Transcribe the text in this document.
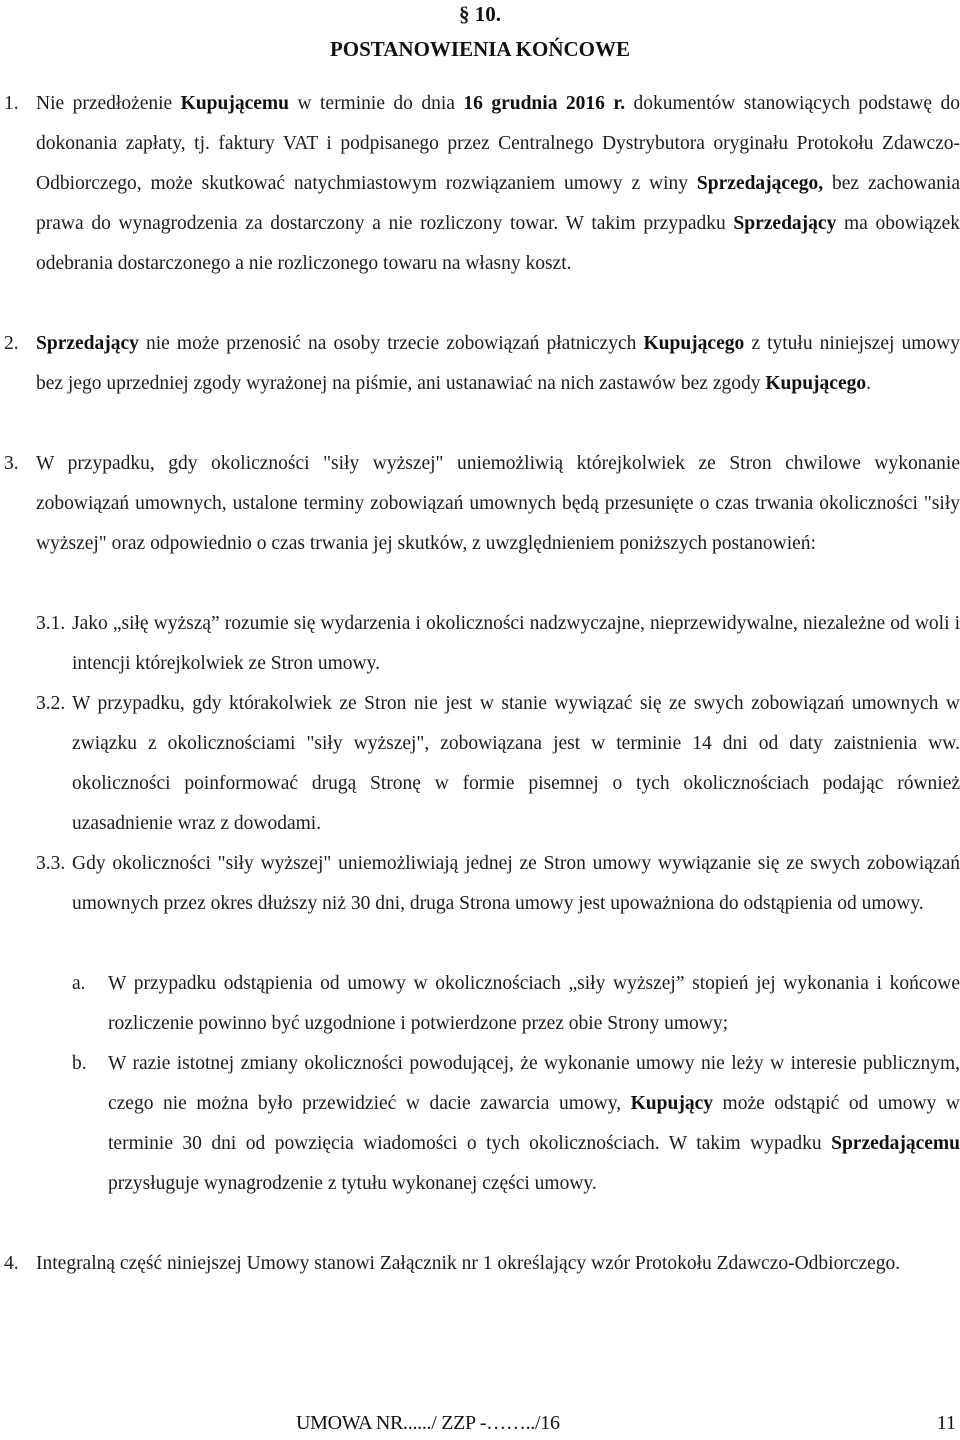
§ 10.
POSTANOWIENIA KOŃCOWE
1. Nie przedłożenie Kupującemu w terminie do dnia 16 grudnia 2016 r. dokumentów stanowiących podstawę do dokonania zapłaty, tj. faktury VAT i podpisanego przez Centralnego Dystrybutora oryginału Protokołu Zdawczo-Odbiorczego, może skutkować natychmiastowym rozwiązaniem umowy z winy Sprzedającego, bez zachowania prawa do wynagrodzenia za dostarczony a nie rozliczony towar. W takim przypadku Sprzedający ma obowiązek odebrania dostarczonego a nie rozliczonego towaru na własny koszt.
2. Sprzedający nie może przenosić na osoby trzecie zobowiązań płatniczych Kupującego z tytułu niniejszej umowy bez jego uprzedniej zgody wyrażonej na piśmie, ani ustanawiać na nich zastawów bez zgody Kupującego.
3. W przypadku, gdy okoliczności "siły wyższej" uniemożliwią którejkolwiek ze Stron chwilowe wykonanie zobowiązań umownych, ustalone terminy zobowiązań umownych będą przesunięte o czas trwania okoliczności "siły wyższej" oraz odpowiednio o czas trwania jej skutków, z uwzględnieniem poniższych postanowień:
3.1. Jako „siłę wyższą” rozumie się wydarzenia i okoliczności nadzwyczajne, nieprzewidywalne, niezależne od woli i intencji którejkolwiek ze Stron umowy.
3.2. W przypadku, gdy którakolwiek ze Stron nie jest w stanie wywiązać się ze swych zobowiązań umownych w związku z okolicznościami "siły wyższej", zobowiązana jest w terminie 14 dni od daty zaistnienia ww. okoliczności poinformować drugą Stronę w formie pisemnej o tych okolicznościach podając również uzasadnienie wraz z dowodami.
3.3. Gdy okoliczności "siły wyższej" uniemożliwiają jednej ze Stron umowy wywiązanie się ze swych zobowiązań umownych przez okres dłuższy niż 30 dni, druga Strona umowy jest upoważniona do odstąpienia od umowy.
a. W przypadku odstąpienia od umowy w okolicznościach „siły wyższej” stopień jej wykonania i końcowe rozliczenie powinno być uzgodnione i potwierdzone przez obie Strony umowy;
b. W razie istotnej zmiany okoliczności powodującej, że wykonanie umowy nie leży w interesie publicznym, czego nie można było przewidzieć w dacie zawarcia umowy, Kupujący może odstąpić od umowy w terminie 30 dni od powzięcia wiadomości o tych okolicznościach. W takim wypadku Sprzedającemu przysługuje wynagrodzenie z tytułu wykonanej części umowy.
4. Integralną część niniejszej Umowy stanowi Załącznik nr 1 określający wzór Protokołu Zdawczo-Odbiorczego.
UMOWA NR....../ ZZP -……../16	11
